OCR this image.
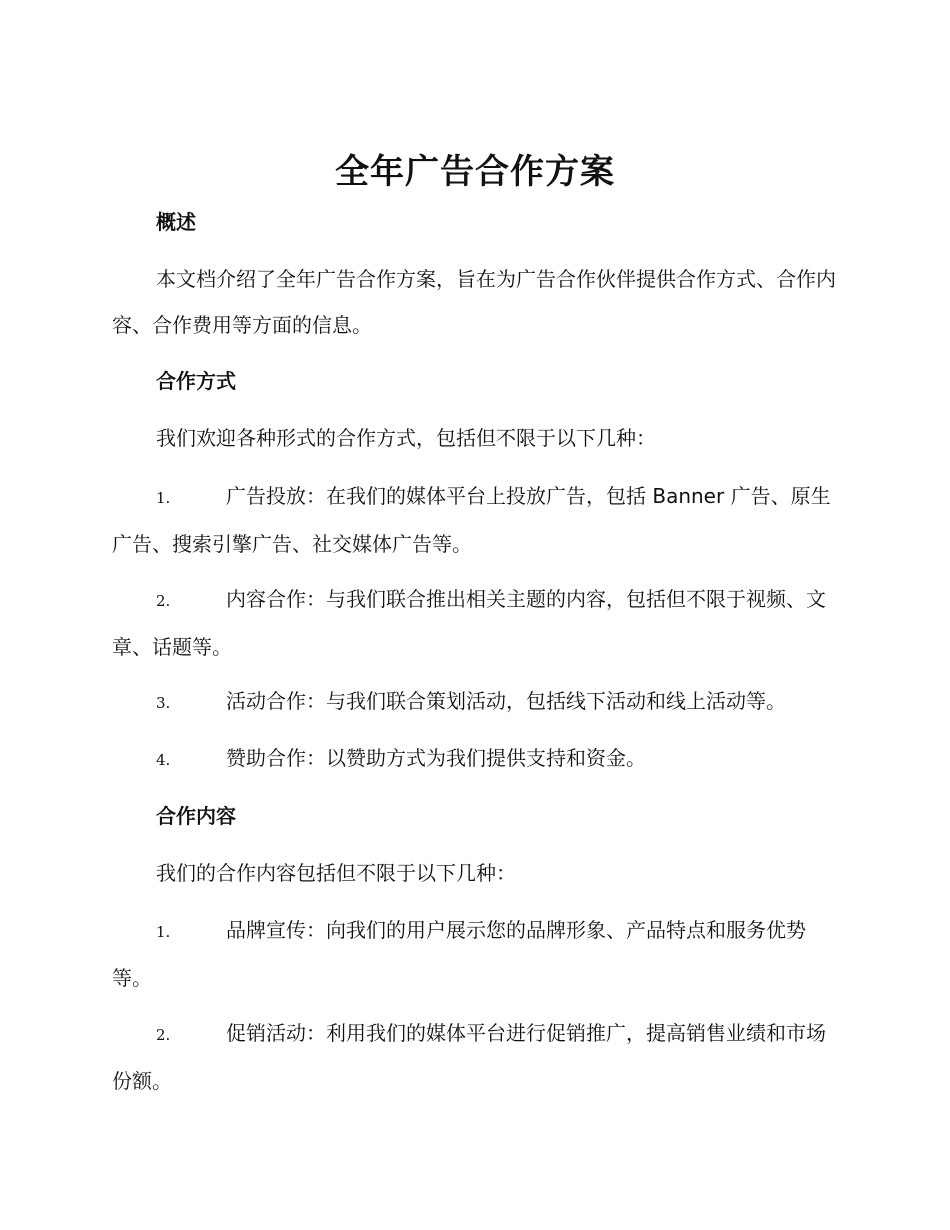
全年广告合作方案
概述

本文档介绍了全年广告合作方案，旨在为广告合作伙伴提供合作方式、合作内容、合作费用等方面的信息。

合作方式

我们欢迎各种形式的合作方式，包括但不限于以下几种：

1.	广告投放：在我们的媒体平台上投放广告，包括 Banner 广告、原生广告、搜索引擎广告、社交媒体广告等。
2.	内容合作：与我们联合推出相关主题的内容，包括但不限于视频、文章、话题等。
3.	活动合作：与我们联合策划活动，包括线下活动和线上活动等。
4.	赞助合作：以赞助方式为我们提供支持和资金。
合作内容

我们的合作内容包括但不限于以下几种：

1.	品牌宣传：向我们的用户展示您的品牌形象、产品特点和服务优势等。
2.	促销活动：利用我们的媒体平台进行促销推广，提高销售业绩和市场份额。
